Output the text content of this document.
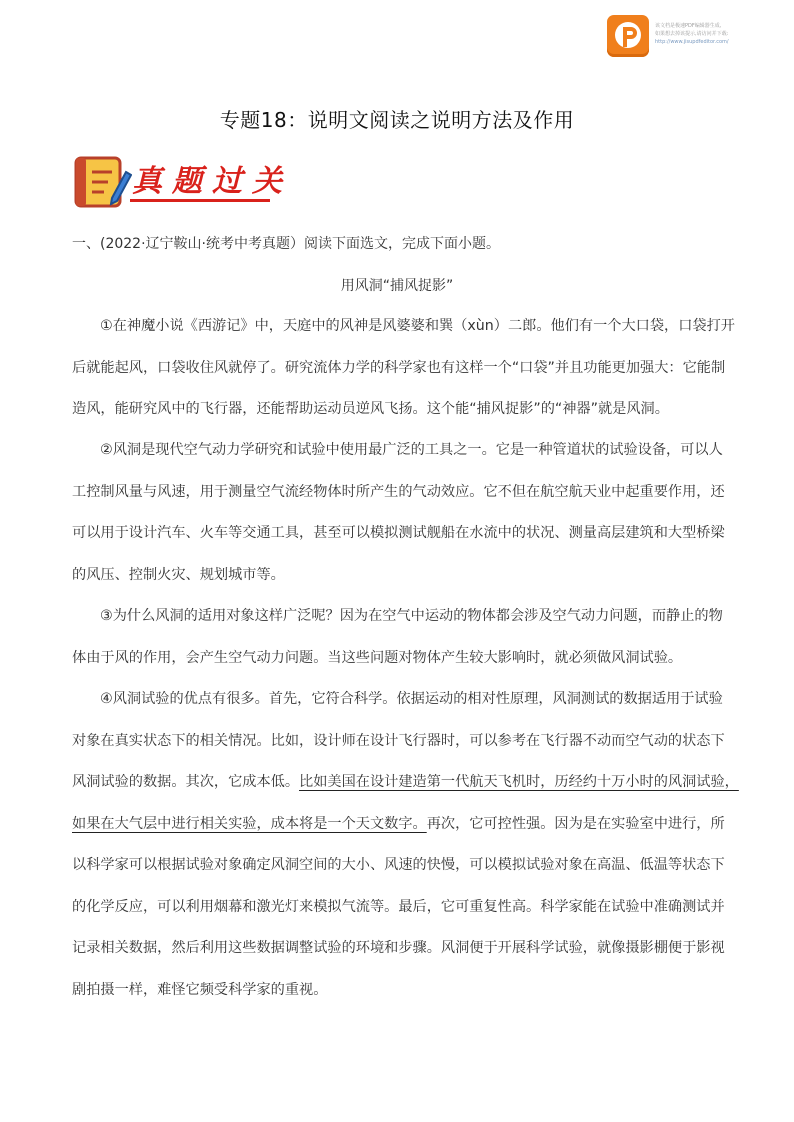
该文档是极速PDF编辑器生成,
如果想去掉该提示,请访问并下载:
http://www.jisupdfeditor.com/
专题18：说明文阅读之说明方法及作用
真题过关
一、(2022·辽宁鞍山·统考中考真题）阅读下面选文，完成下面小题。
用风洞“捕风捉影”
①在神魔小说《西游记》中，天庭中的风神是风婆婆和巽（xùn）二郎。他们有一个大口袋，口袋打开
后就能起风，口袋收住风就停了。研究流体力学的科学家也有这样一个“口袋”并且功能更加强大：它能制
造风，能研究风中的飞行器，还能帮助运动员逆风飞扬。这个能“捕风捉影”的“神器”就是风洞。
②风洞是现代空气动力学研究和试验中使用最广泛的工具之一。它是一种管道状的试验设备，可以人
工控制风量与风速，用于测量空气流经物体时所产生的气动效应。它不但在航空航天业中起重要作用，还
可以用于设计汽车、火车等交通工具，甚至可以模拟测试舰船在水流中的状况、测量高层建筑和大型桥梁
的风压、控制火灾、规划城市等。
③为什么风洞的适用对象这样广泛呢？因为在空气中运动的物体都会涉及空气动力问题，而静止的物
体由于风的作用，会产生空气动力问题。当这些问题对物体产生较大影响时，就必须做风洞试验。
④风洞试验的优点有很多。首先，它符合科学。依据运动的相对性原理，风洞测试的数据适用于试验
对象在真实状态下的相关情况。比如，设计师在设计飞行器时，可以参考在飞行器不动而空气动的状态下
风洞试验的数据。其次，它成本低。比如美国在设计建造第一代航天飞机时，历经约十万小时的风洞试验，
如果在大气层中进行相关实验，成本将是一个天文数字。再次，它可控性强。因为是在实验室中进行，所
以科学家可以根据试验对象确定风洞空间的大小、风速的快慢，可以模拟试验对象在高温、低温等状态下
的化学反应，可以利用烟幕和激光灯来模拟气流等。最后，它可重复性高。科学家能在试验中准确测试并
记录相关数据，然后利用这些数据调整试验的环境和步骤。风洞便于开展科学试验，就像摄影棚便于影视
剧拍摄一样，难怪它频受科学家的重视。
